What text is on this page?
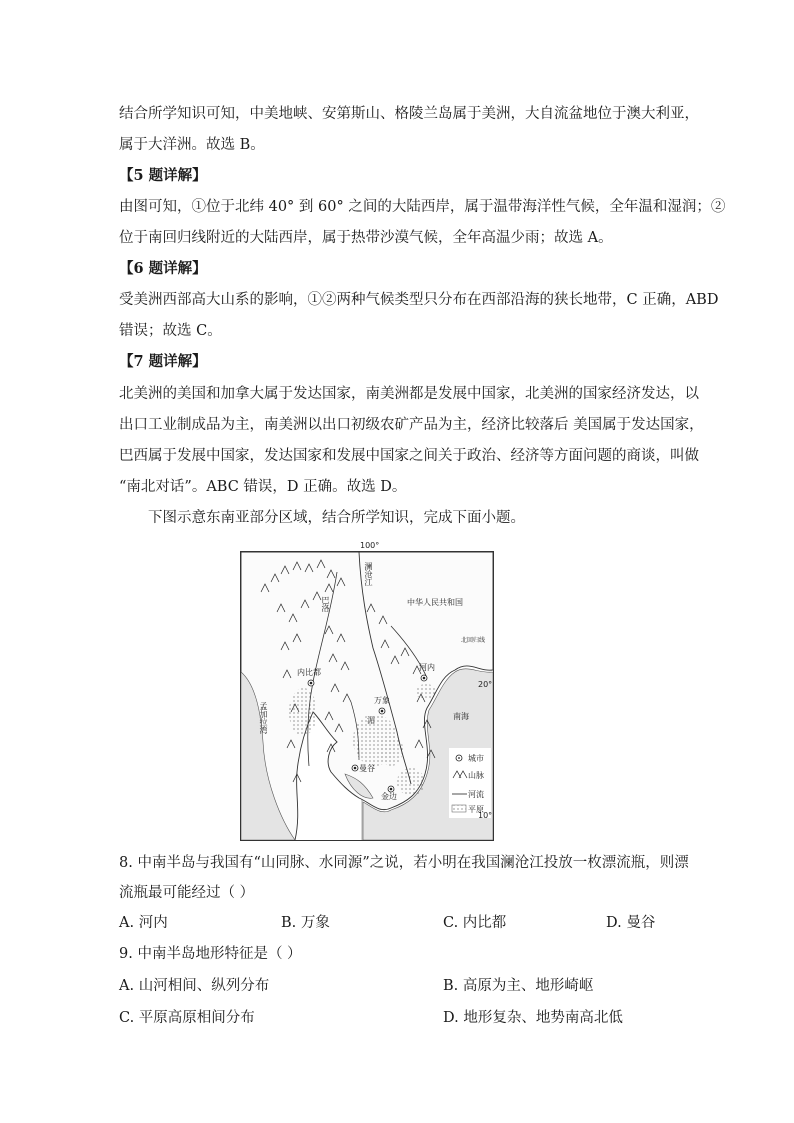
结合所学知识可知，中美地峡、安第斯山、格陵兰岛属于美洲，大自流盆地位于澳大利亚，
属于大洋洲。故选 B。
【5 题详解】
由图可知，①位于北纬 40° 到 60° 之间的大陆西岸，属于温带海洋性气候，全年温和湿润；②
位于南回归线附近的大陆西岸，属于热带沙漠气候，全年高温少雨；故选 A。
【6 题详解】
受美洲西部高大山系的影响，①②两种气候类型只分布在西部沿海的狭长地带，C 正确，ABD
错误；故选 C。
【7 题详解】
北美洲的美国和加拿大属于发达国家，南美洲都是发展中国家，北美洲的国家经济发达，以
出口工业制成品为主，南美洲以出口初级农矿产品为主，经济比较落后 美国属于发达国家，
巴西属于发展中国家，发达国家和发展中国家之间关于政治、经济等方面问题的商谈，叫做
“南北对话”。ABC 错误，D 正确。故选 D。
下图示意东南亚部分区域，结合所学知识，完成下面小题。
100°
澜沧江
中华人民共和国
北回归线
巴洛
湄
内比都
万象
曼谷
金边
河内
孟加拉湾	南海
城市
山脉
河流
平原
20°
10°
8. 中南半岛与我国有“山同脉、水同源”之说，若小明在我国澜沧江投放一枚漂流瓶，则漂
流瓶最可能经过（ ）
A. 河内	B. 万象	C. 内比都	D. 曼谷
9. 中南半岛地形特征是（ ）
A. 山河相间、纵列分布	B. 高原为主、地形崎岖
C. 平原高原相间分布	D. 地形复杂、地势南高北低
